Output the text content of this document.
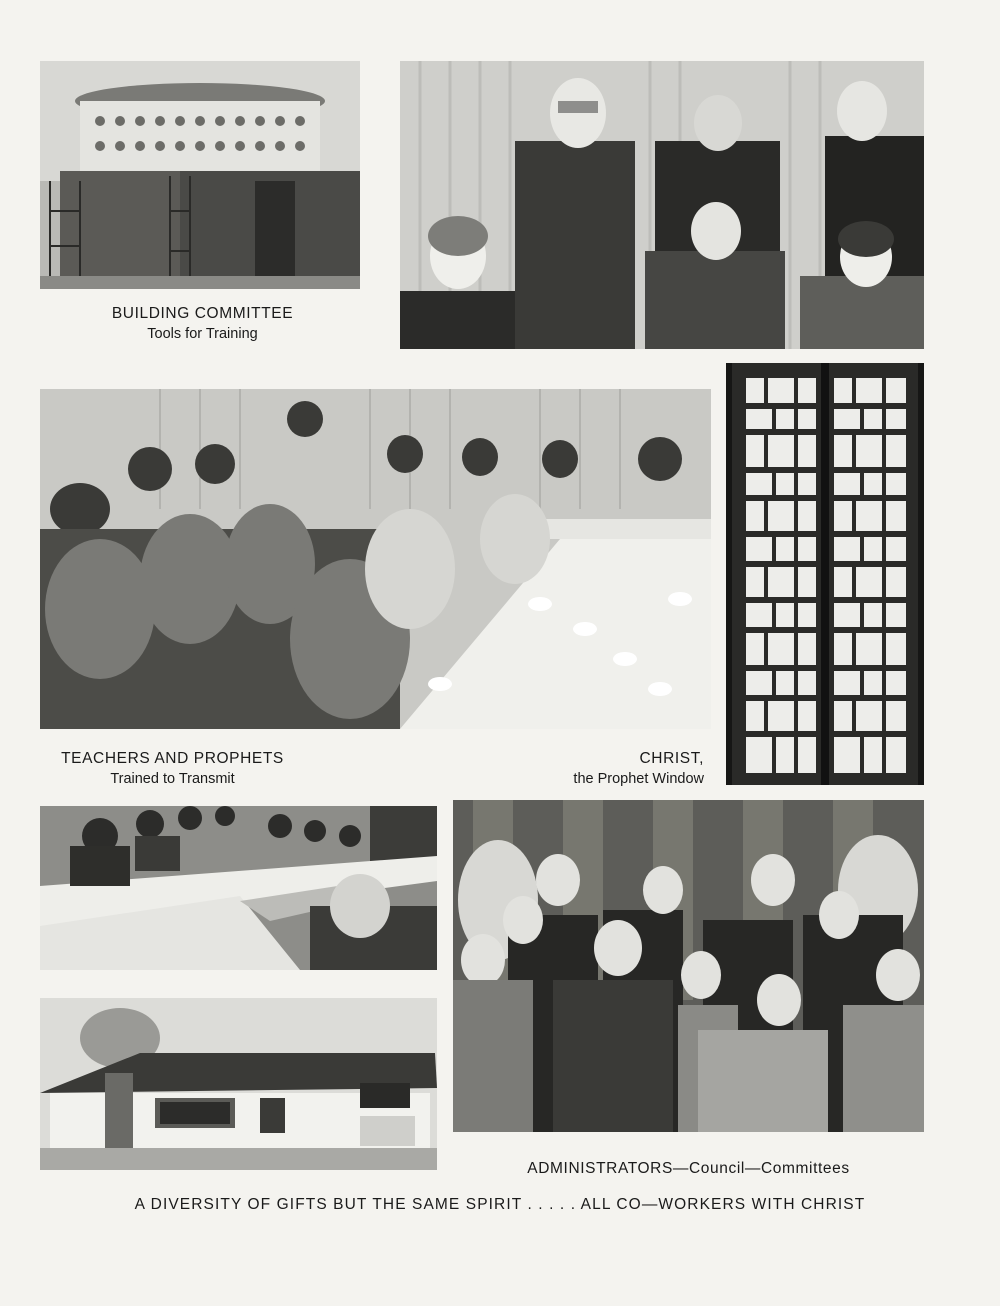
BUILDING COMMITTEE
Tools for Training
TEACHERS AND PROPHETS
Trained to Transmit
CHRIST,
the Prophet Window
ADMINISTRATORS—Council—Committees
A DIVERSITY OF GIFTS BUT THE SAME SPIRIT . . . . . ALL CO—WORKERS WITH CHRIST
